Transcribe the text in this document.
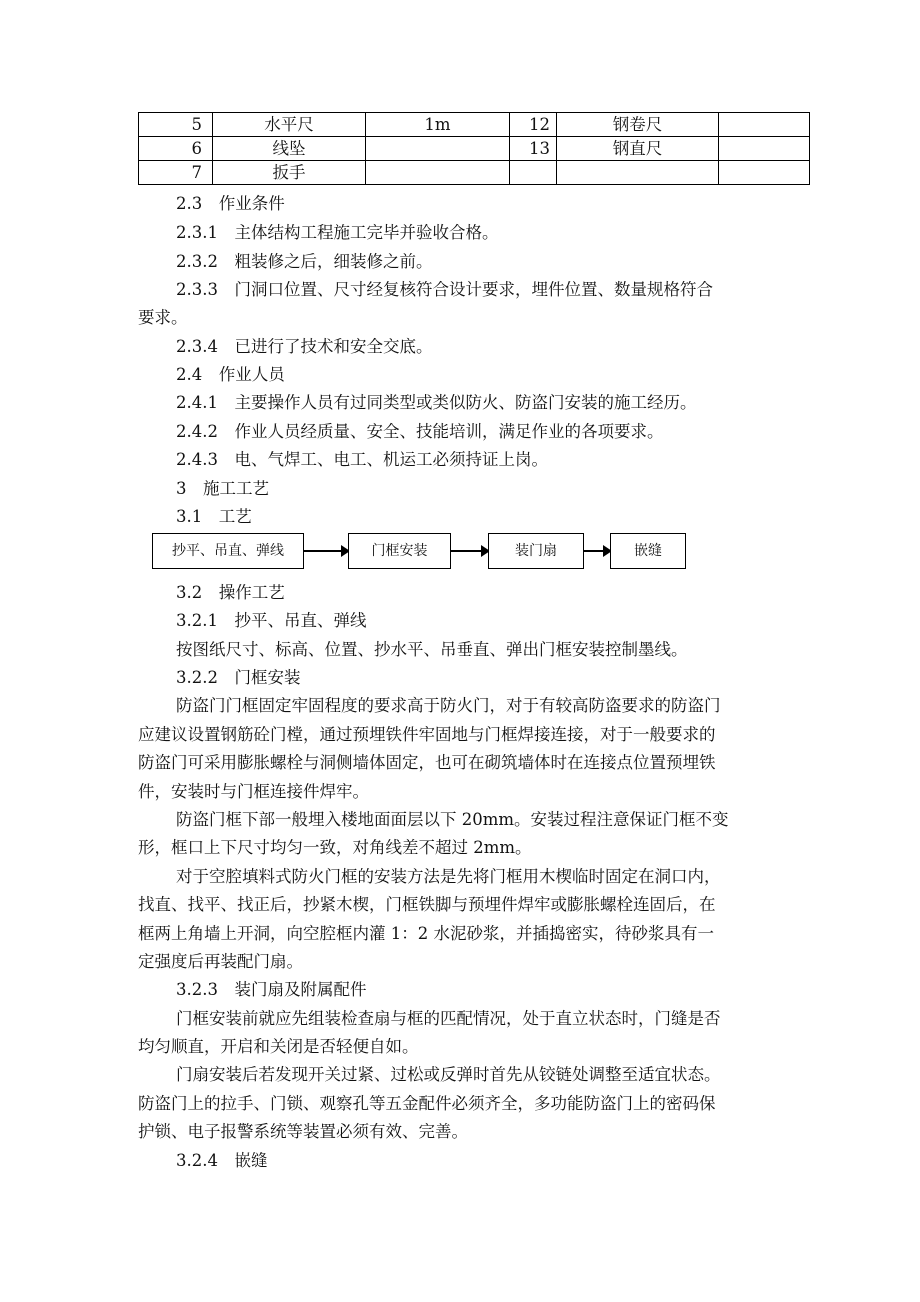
5	水平尺	1m	12	钢卷尺	
6	线坠		13	钢直尺	
7	扳手				
2.3　作业条件
2.3.1　主体结构工程施工完毕并验收合格。
2.3.2　粗装修之后，细装修之前。
2.3.3　门洞口位置、尺寸经复核符合设计要求，埋件位置、数量规格符合
要求。
2.3.4　已进行了技术和安全交底。
2.4　作业人员
2.4.1　主要操作人员有过同类型或类似防火、防盗门安装的施工经历。
2.4.2　作业人员经质量、安全、技能培训，满足作业的各项要求。
2.4.3　电、气焊工、电工、机运工必须持证上岗。
3　施工工艺
3.1　工艺
抄平、吊直、弹线	门框安装	装门扇	嵌缝
3.2　操作工艺
3.2.1　抄平、吊直、弹线
按图纸尺寸、标高、位置、抄水平、吊垂直、弹出门框安装控制墨线。
3.2.2　门框安装
防盗门门框固定牢固程度的要求高于防火门，对于有较高防盗要求的防盗门
应建议设置钢筋砼门樘，通过预埋铁件牢固地与门框焊接连接，对于一般要求的
防盗门可采用膨胀螺栓与洞侧墙体固定，也可在砌筑墙体时在连接点位置预埋铁
件，安装时与门框连接件焊牢。
防盗门框下部一般埋入楼地面面层以下 20mm。安装过程注意保证门框不变
形，框口上下尺寸均匀一致，对角线差不超过 2mm。
对于空腔填料式防火门框的安装方法是先将门框用木楔临时固定在洞口内，
找直、找平、找正后，抄紧木楔，门框铁脚与预埋件焊牢或膨胀螺栓连固后，在
框两上角墙上开洞，向空腔框内灌 1：2 水泥砂浆，并插捣密实，待砂浆具有一
定强度后再装配门扇。
3.2.3　装门扇及附属配件
门框安装前就应先组装检查扇与框的匹配情况，处于直立状态时，门缝是否
均匀顺直，开启和关闭是否轻便自如。
门扇安装后若发现开关过紧、过松或反弹时首先从铰链处调整至适宜状态。
防盗门上的拉手、门锁、观察孔等五金配件必须齐全，多功能防盗门上的密码保
护锁、电子报警系统等装置必须有效、完善。
3.2.4　嵌缝
